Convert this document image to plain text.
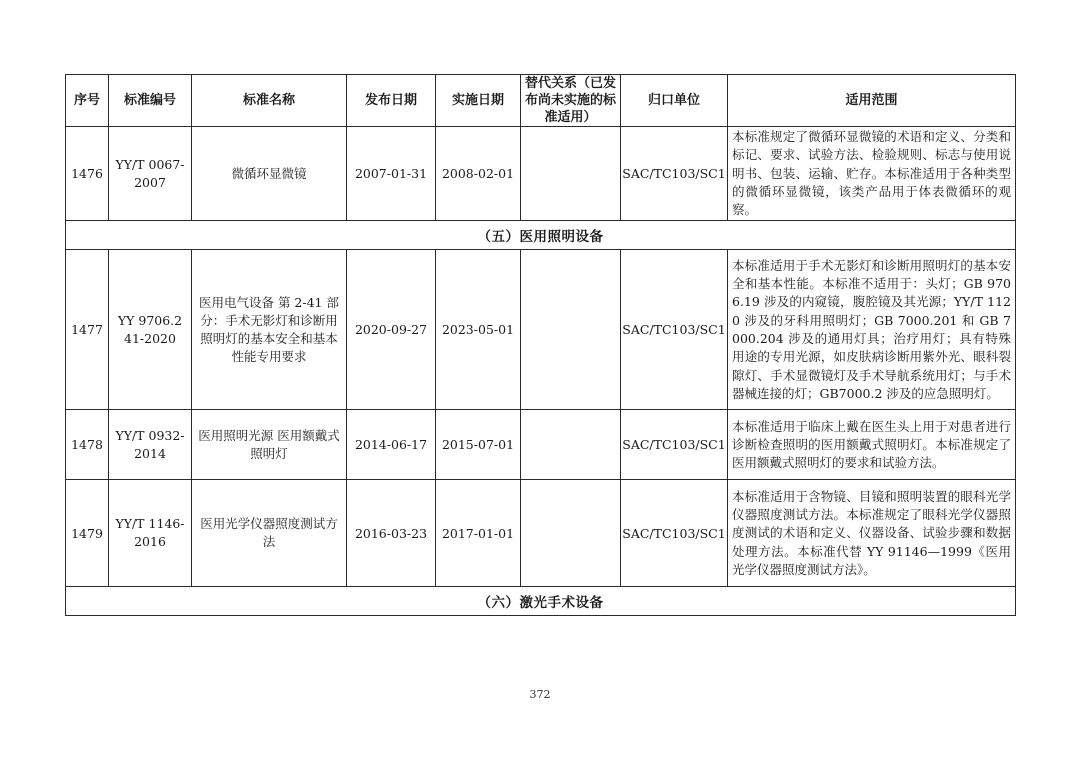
序号	标准编号	标准名称	发布日期	实施日期	替代关系（已发布尚未实施的标准适用）	归口单位	适用范围
1476	YY/T 0067-2007	微循环显微镜	2007-01-31	2008-02-01		SAC/TC103/SC1	本标准规定了微循环显微镜的术语和定义、分类和标记、要求、试验方法、检验规则、标志与使用说明书、包装、运输、贮存。本标准适用于各种类型的微循环显微镜，该类产品用于体表微循环的观察。
（五）医用照明设备							
1477	YY 9706.241-2020	医用电气设备 第 2-41 部分：手术无影灯和诊断用照明灯的基本安全和基本性能专用要求	2020-09-27	2023-05-01		SAC/TC103/SC1	本标准适用于手术无影灯和诊断用照明灯的基本安全和基本性能。本标准不适用于：头灯；GB 9706.19 涉及的内窥镜，腹腔镜及其光源；YY/T 1120 涉及的牙科用照明灯；GB 7000.201 和 GB 7000.204 涉及的通用灯具；治疗用灯；具有特殊用途的专用光源，如皮肤病诊断用紫外光、眼科裂隙灯、手术显微镜灯及手术导航系统用灯；与手术器械连接的灯；GB7000.2 涉及的应急照明灯。
1478	YY/T 0932-2014	医用照明光源 医用额戴式照明灯	2014-06-17	2015-07-01		SAC/TC103/SC1	本标准适用于临床上戴在医生头上用于对患者进行诊断检查照明的医用额戴式照明灯。本标准规定了医用额戴式照明灯的要求和试验方法。
1479	YY/T 1146-2016	医用光学仪器照度测试方法	2016-03-23	2017-01-01		SAC/TC103/SC1	本标准适用于含物镜、目镜和照明装置的眼科光学仪器照度测试方法。本标准规定了眼科光学仪器照度测试的术语和定义、仪器设备、试验步骤和数据处理方法。本标准代替 YY 91146—1999《医用光学仪器照度测试方法》。
（六）激光手术设备							
372
